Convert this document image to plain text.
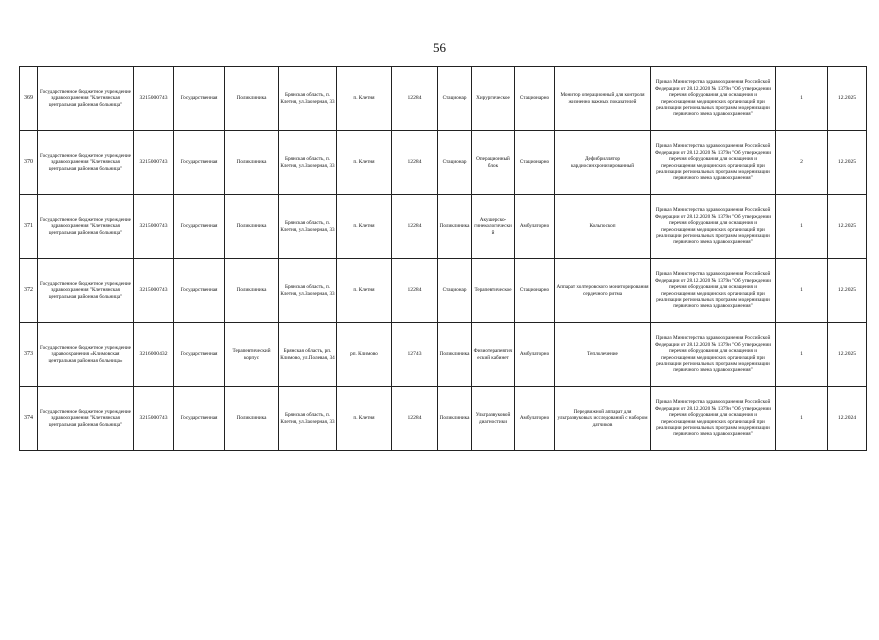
56
369	Государственное бюджетное учреждение здравоохранения "Клетнянская центральная районная больница"	3215000743	Государственная	Поликлиника	Брянская область, п. Клетня, ул.Заозерная, 33	п. Клетня	12284	Стационар	Хирургическое	Стационарно	Монитор операционный для контроля жизненно важных показателей	Приказ Министерства здравоохранения Российской Федерации от 28.12.2020 № 1379н "Об утверждении перечня оборудования для оснащения и переоснащения медицинских организаций при реализации региональных программ модернизации первичного звена здравоохранения"	1	12.2025
370	Государственное бюджетное учреждение здравоохранения "Клетнянская центральная районная больница"	3215000743	Государственная	Поликлиника	Брянская область, п. Клетня, ул.Заозерная, 33	п. Клетня	12284	Стационар	Операционный блок	Стационарно	Дефибриллятор кардиосинхронизированный	Приказ Министерства здравоохранения Российской Федерации от 28.12.2020 № 1379н "Об утверждении перечня оборудования для оснащения и переоснащения медицинских организаций при реализации региональных программ модернизации первичного звена здравоохранения"	2	12.2025
371	Государственное бюджетное учреждение здравоохранения "Клетнянская центральная районная больница"	3215000743	Государственная	Поликлиника	Брянская область, п. Клетня, ул.Заозерная, 33	п. Клетня	12284	Поликлиника	Акушерско-гинекологический	Амбулаторно	Кольпоскоп	Приказ Министерства здравоохранения Российской Федерации от 28.12.2020 № 1379н "Об утверждении перечня оборудования для оснащения и переоснащения медицинских организаций при реализации региональных программ модернизации первичного звена здравоохранения"	1	12.2025
372	Государственное бюджетное учреждение здравоохранения "Клетнянская центральная районная больница"	3215000743	Государственная	Поликлиника	Брянская область, п. Клетня, ул.Заозерная, 33	п. Клетня	12284	Стационар	Терапевтическое	Стационарно	Аппарат холтеровского мониторирования сердечного ритма	Приказ Министерства здравоохранения Российской Федерации от 28.12.2020 № 1379н "Об утверждении перечня оборудования для оснащения и переоснащения медицинских организаций при реализации региональных программ модернизации первичного звена здравоохранения"	1	12.2025
373	Государственное бюджетное учреждение здравоохранения «Климовская центральная районная больница»	3216000432	Государственная	Терапевтический корпус	Брянская область, рп. Климово, ул.Полевая, 34	рп. Климово	12743	Поликлиника	Физиотерапевтический кабинет	Амбулаторно	Теплолечение	Приказ Министерства здравоохранения Российской Федерации от 28.12.2020 № 1379н "Об утверждении перечня оборудования для оснащения и переоснащения медицинских организаций при реализации региональных программ модернизации первичного звена здравоохранения"	1	12.2025
374	Государственное бюджетное учреждение здравоохранения "Клетнянская центральная районная больница"	3215000743	Государственная	Поликлиника	Брянская область, п. Клетня, ул.Заозерная, 33	п. Клетня	12284	Поликлиника	Ультразвуковой диагностики	Амбулаторно	Передвижной аппарат для ультразвуковых исследований с набором датчиков	Приказ Министерства здравоохранения Российской Федерации от 28.12.2020 № 1379н "Об утверждении перечня оборудования для оснащения и переоснащения медицинских организаций при реализации региональных программ модернизации первичного звена здравоохранения"	1	12.2024
